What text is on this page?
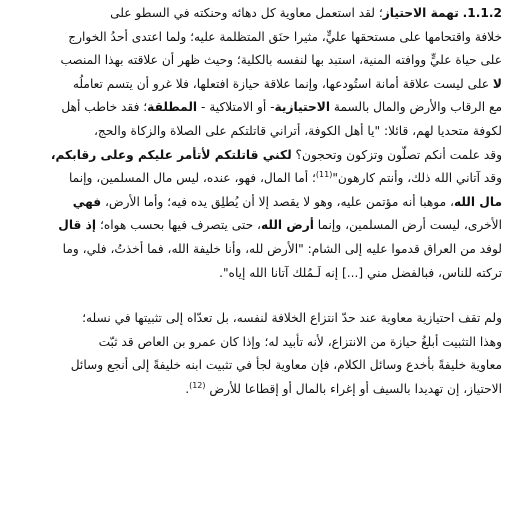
1.1.2. تهمة الاحتياز؛ لقد استعمل معاوية كل دهائه وحنكته في السطو على

خلافة واقتحامها على مستحقها عليٍّ، مثيرا حنَق المتظلمة عليه؛ ولما اعتدى أحدُ الخوارج

على حياة عليٍّ ووافته المنية، استبد بها لنفسه بالكلية؛ وحيث ظهر أن علاقته بهذا المنصب

لا على ليست علاقة أمانة استُودعها، وإنما علاقة حيازة افتعلها، فلا غرو أن يتسم تعاملُه

مع الرقاب والأرض والمال بالسمة الاحتيازية- أو الامتلاكية - المطلقة؛ فقد خاطب أهل

لكوفة متحديا لهم، قائلا: "يا أهل الكوفة، أتراني قاتلتكم على الصلاة والزكاة والحج،

وقد علمت أنكم تصلّون وتزكون وتحجون؟ لكني قاتلتكم لأتأمر عليكم وعلى رقابكم،

وقد آتاني الله ذلك، وأنتم كارهون"$^{(11)}$؛ أما المال، فهو، عنده، ليس مال المسلمين، وإنما

مال الله، موهبا أنه مؤتمن عليه، وهو لا يقصد إلا أن يُطلِق يده فيه؛ وأما الأرض، فهي

الأخرى، ليست أرض المسلمين، وإنما أرض الله، حتى يتصرف فيها بحسب هواه؛ إذ قال

لوفد من العراق قدموا عليه إلى الشام: "الأرض لله، وأنا خليفة الله، فما أخذتُ، فلي، وما

تركته للناس، فبالفضل مني [...] إنه لَـمُلك آتانا الله إياه".

ولم تقف احتيازية معاوية عند حدّ انتزاع الخلافة لنفسه، بل تعدّاه إلى تثبيتها في نسله؛

وهذا التثبيت أبلغُ حيازة من الانتزاع، لأنه تأبيد له؛ وإذا كان عمرو بن العاص قد ثبّت

معاوية خليفةً بأخدع وسائل الكلام، فإن معاوية لجأ في تثبيت ابنه خليفةً إلى أنجع وسائل

الاحتياز، إن تهديدا بالسيف أو إغراء بالمال أو إقطاعا للأرض $^{(12)}$.
